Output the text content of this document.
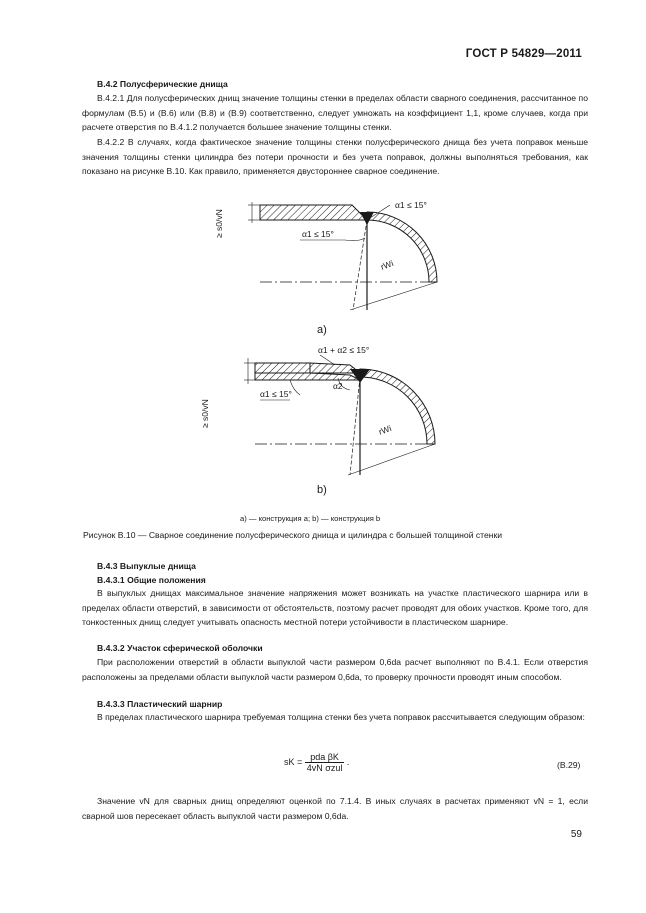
ГОСТ Р 54829—2011
В.4.2 Полусферические днища
В.4.2.1 Для полусферических днищ значение толщины стенки в пределах области сварного соединения, рассчитанное по формулам (В.5) и (В.6) или (В.8) и (В.9) соответственно, следует умножать на коэффициент 1,1, кроме случаев, когда при расчете отверстия по В.4.1.2 получается большее значение толщины стенки.
В.4.2.2 В случаях, когда фактическое значение толщины стенки полусферического днища без учета поправок меньше значения толщины стенки цилиндра без потери прочности и без учета поправок, должны выполняться требования, как показано на рисунке В.10. Как правило, применяется двустороннее сварное соединение.
α1 ≤ 15°
α1 ≤ 15°
≥ s0/vN
rWi
а)
α1 + α2 ≤ 15°
α1 ≤ 15°
α2
≥ s0/vN
rWi
b)
а) — конструкция а; b) — конструкция b
Рисунок В.10 — Сварное соединение полусферического днища и цилиндра с большей толщиной стенки
В.4.3 Выпуклые днища
В.4.3.1 Общие положения
В выпуклых днищах максимальное значение напряжения может возникать на участке пластического шарнира или в пределах области отверстий, в зависимости от обстоятельств, поэтому расчет проводят для обоих участков. Кроме того, для тонкостенных днищ следует учитывать опасность местной потери устойчивости в пластическом шарнире.
В.4.3.2 Участок сферической оболочки
При расположении отверстий в области выпуклой части размером 0,6da расчет выполняют по В.4.1. Если отверстия расположены за пределами области выпуклой части размером 0,6da, то проверку прочности проводят иным способом.
В.4.3.3 Пластический шарнир
В пределах пластического шарнира требуемая толщина стенки без учета поправок рассчитывается следующим образом:
sK = $\frac{\text{pda βK}}{\text{4vN σzul}}$ .	(В.29)
Значение vN для сварных днищ определяют оценкой по 7.1.4. В иных случаях в расчетах применяют vN = 1, если сварной шов пересекает область выпуклой части размером 0,6da.
59
